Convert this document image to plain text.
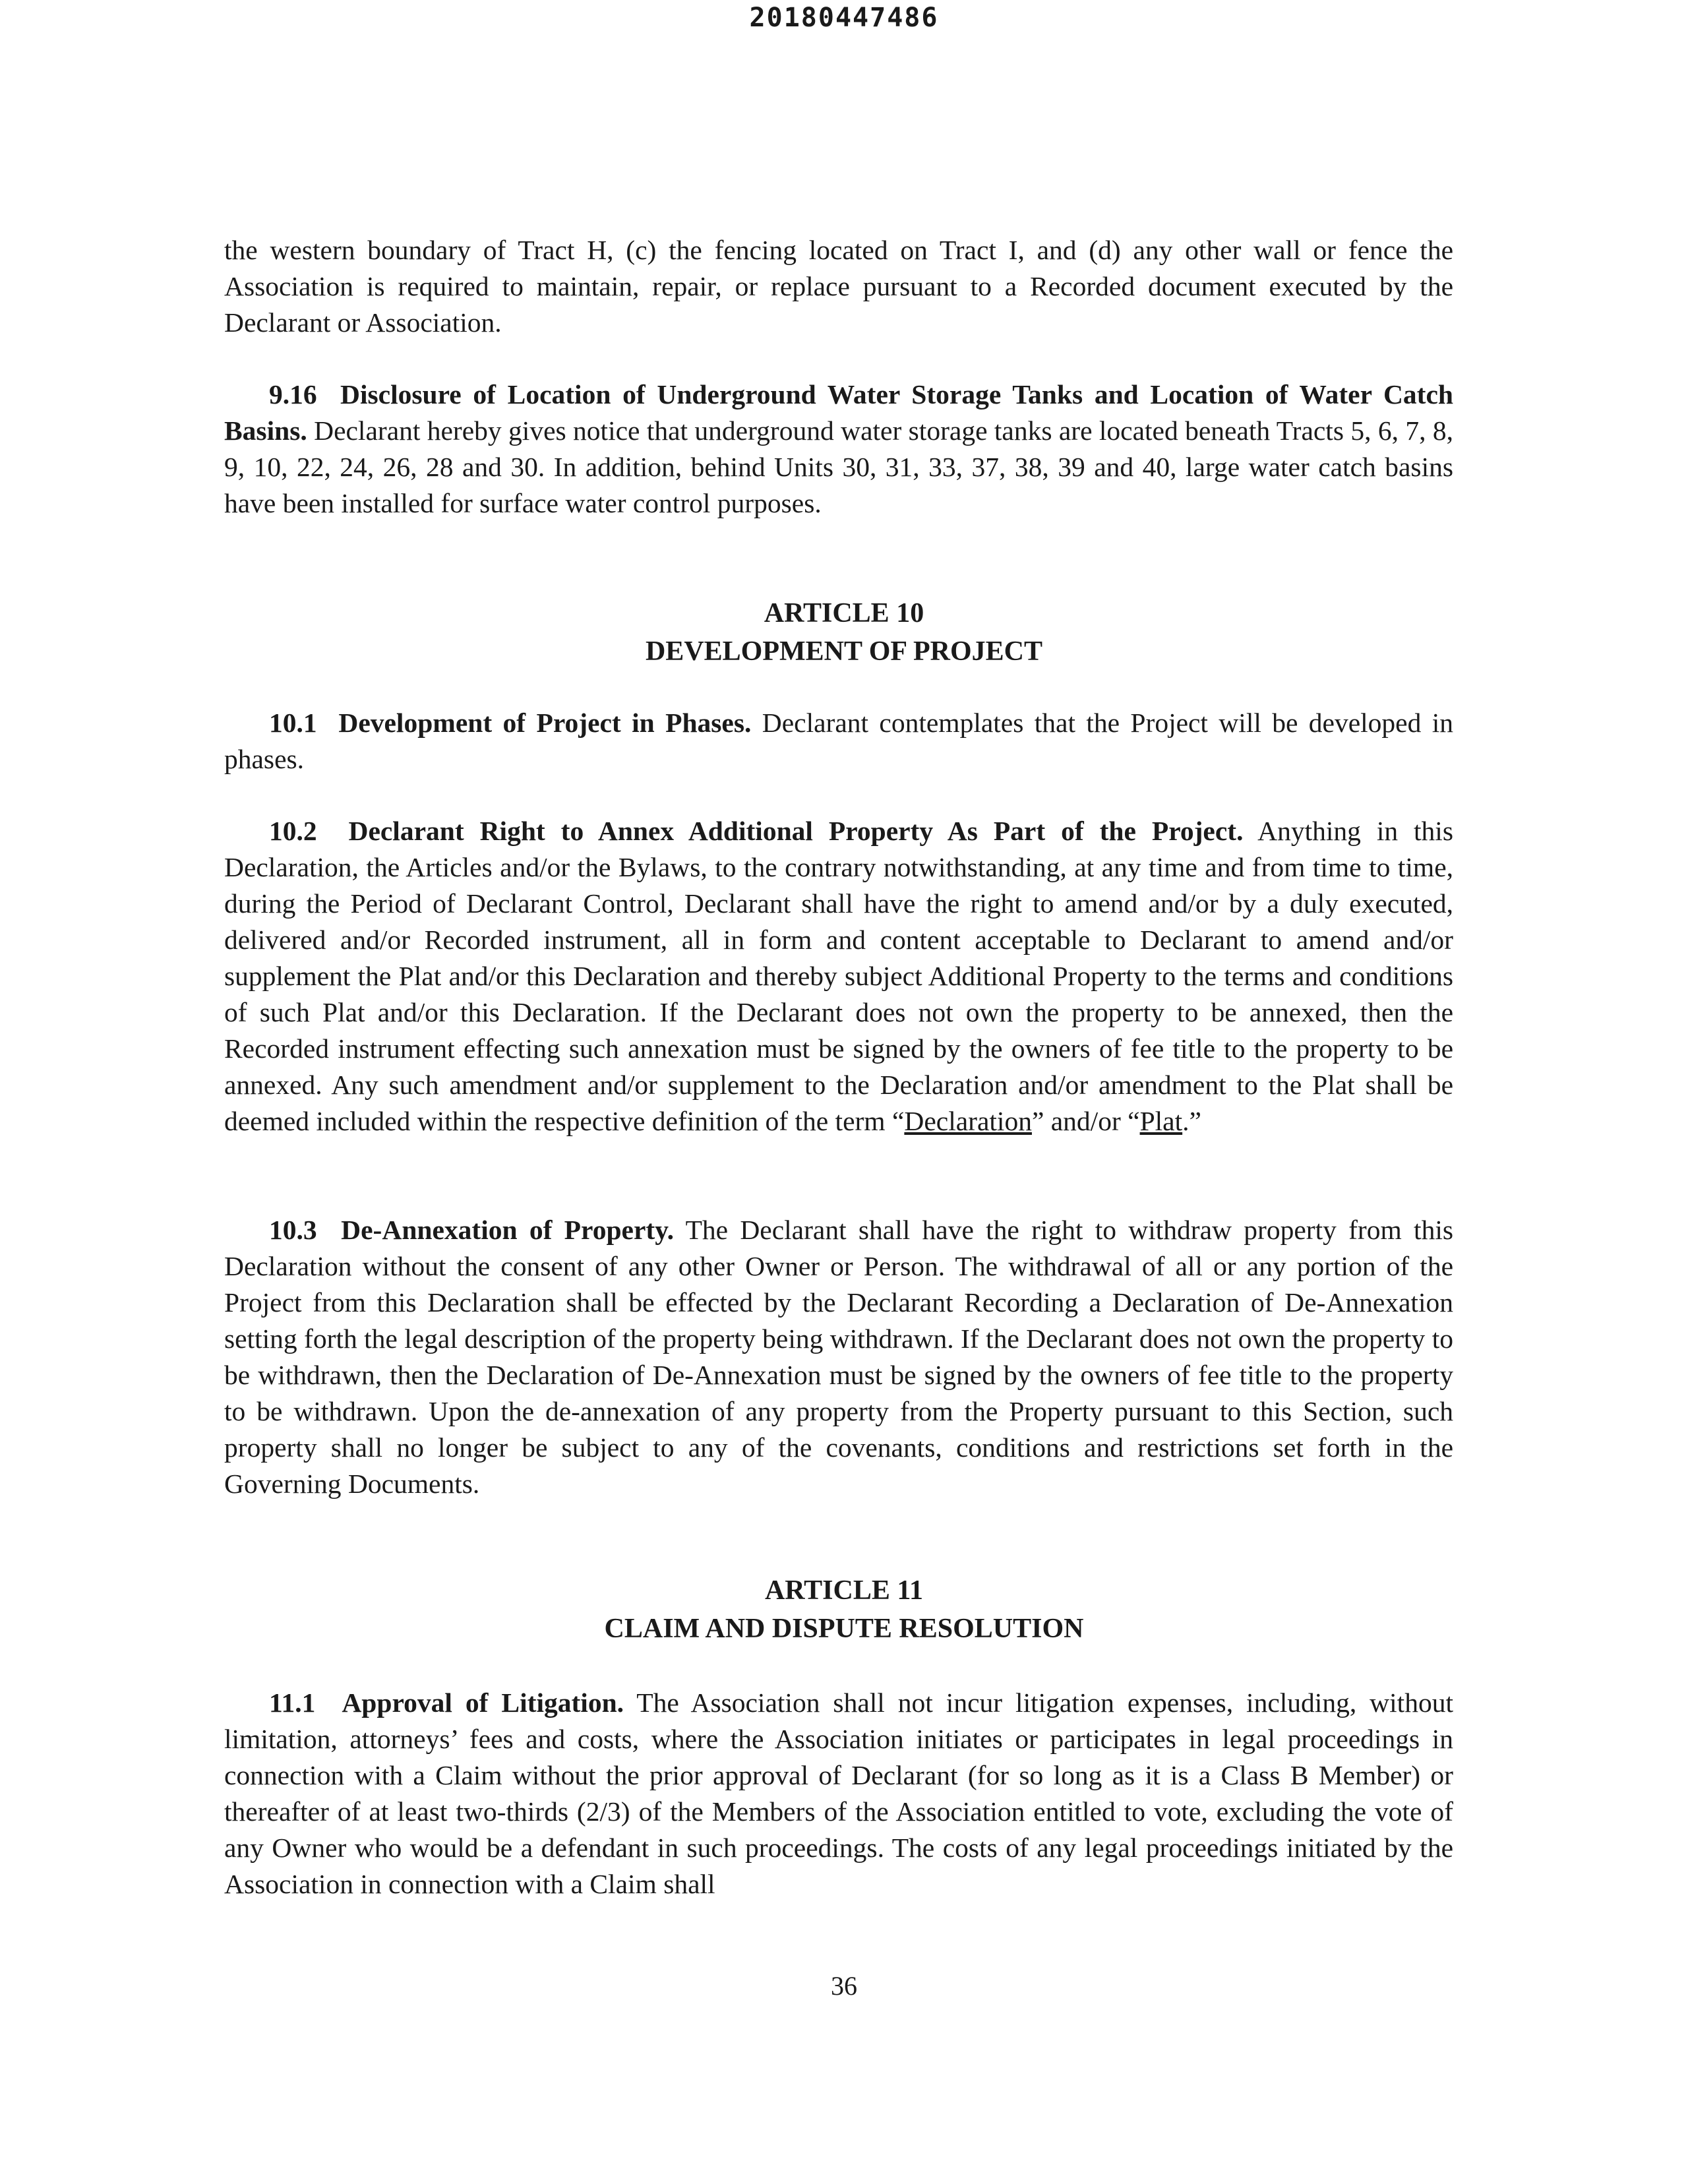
20180447486

the western boundary of Tract H, (c) the fencing located on Tract I, and (d) any other wall or fence the Association is required to maintain, repair, or replace pursuant to a Recorded document executed by the Declarant or Association.

9.16 Disclosure of Location of Underground Water Storage Tanks and Location of Water Catch Basins. Declarant hereby gives notice that underground water storage tanks are located beneath Tracts 5, 6, 7, 8, 9, 10, 22, 24, 26, 28 and 30. In addition, behind Units 30, 31, 33, 37, 38, 39 and 40, large water catch basins have been installed for surface water control purposes.

ARTICLE 10
DEVELOPMENT OF PROJECT

10.1 Development of Project in Phases. Declarant contemplates that the Project will be developed in phases.

10.2 Declarant Right to Annex Additional Property As Part of the Project. Anything in this Declaration, the Articles and/or the Bylaws, to the contrary notwithstanding, at any time and from time to time, during the Period of Declarant Control, Declarant shall have the right to amend and/or by a duly executed, delivered and/or Recorded instrument, all in form and content acceptable to Declarant to amend and/or supplement the Plat and/or this Declaration and thereby subject Additional Property to the terms and conditions of such Plat and/or this Declaration. If the Declarant does not own the property to be annexed, then the Recorded instrument effecting such annexation must be signed by the owners of fee title to the property to be annexed. Any such amendment and/or supplement to the Declaration and/or amendment to the Plat shall be deemed included within the respective definition of the term “Declaration” and/or “Plat.”

10.3 De-Annexation of Property. The Declarant shall have the right to withdraw property from this Declaration without the consent of any other Owner or Person. The withdrawal of all or any portion of the Project from this Declaration shall be effected by the Declarant Recording a Declaration of De-Annexation setting forth the legal description of the property being withdrawn. If the Declarant does not own the property to be withdrawn, then the Declaration of De-Annexation must be signed by the owners of fee title to the property to be withdrawn. Upon the de-annexation of any property from the Property pursuant to this Section, such property shall no longer be subject to any of the covenants, conditions and restrictions set forth in the Governing Documents.

ARTICLE 11
CLAIM AND DISPUTE RESOLUTION

11.1 Approval of Litigation. The Association shall not incur litigation expenses, including, without limitation, attorneys’ fees and costs, where the Association initiates or participates in legal proceedings in connection with a Claim without the prior approval of Declarant (for so long as it is a Class B Member) or thereafter of at least two-thirds (2/3) of the Members of the Association entitled to vote, excluding the vote of any Owner who would be a defendant in such proceedings. The costs of any legal proceedings initiated by the Association in connection with a Claim shall

36
